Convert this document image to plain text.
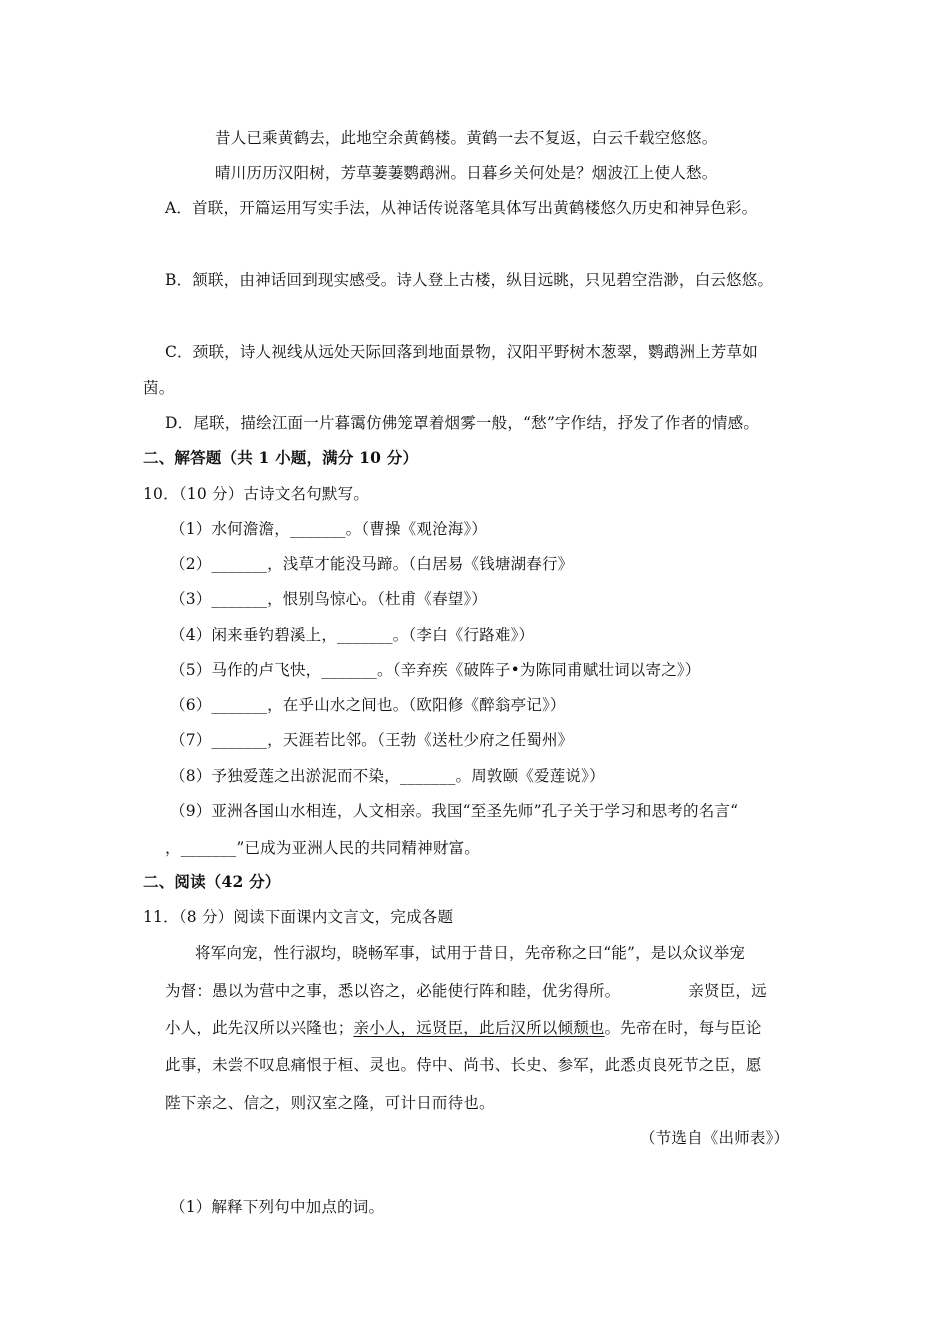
昔人已乘黄鹤去，此地空余黄鹤楼。黄鹤一去不复返，白云千载空悠悠。
晴川历历汉阳树，芳草萋萋鹦鹉洲。日暮乡关何处是？烟波江上使人愁。
A．首联，开篇运用写实手法，从神话传说落笔具体写出黄鹤楼悠久历史和神异色彩。
B．颔联，由神话回到现实感受。诗人登上古楼，纵目远眺，只见碧空浩渺，白云悠悠。
C．颈联，诗人视线从远处天际回落到地面景物，汉阳平野树木葱翠，鹦鹉洲上芳草如
茵。
D．尾联，描绘江面一片暮霭仿佛笼罩着烟雾一般，“愁”字作结，抒发了作者的情感。
二、解答题（共 1 小题，满分 10 分）
10．（10 分）古诗文名句默写。
（1）水何澹澹，_______。（曹操《观沧海》）
（2）_______，浅草才能没马蹄。（白居易《钱塘湖春行》
（3）_______，恨别鸟惊心。（杜甫《春望》）
（4）闲来垂钓碧溪上，_______。（李白《行路难》）
（5）马作的卢飞快，_______。（辛弃疾《破阵子•为陈同甫赋壮词以寄之》）
（6）_______，在乎山水之间也。（欧阳修《醉翁亭记》）
（7）_______，天涯若比邻。（王勃《送杜少府之任蜀州》
（8）予独爱莲之出淤泥而不染，_______。周敦颐《爱莲说》）
（9）亚洲各国山水相连，人文相亲。我国“至圣先师”孔子关于学习和思考的名言“
，_______”已成为亚洲人民的共同精神财富。
二、阅读（42 分）
11．（8 分）阅读下面课内文言文，完成各题
将军向宠，性行淑均，晓畅军事，试用于昔日，先帝称之曰“能”，是以众议举宠
为督：愚以为营中之事，悉以咨之，必能使行阵和睦，优劣得所。	亲贤臣，远
小人，此先汉所以兴隆也；亲小人，远贤臣，此后汉所以倾颓也。先帝在时，每与臣论
此事，未尝不叹息痛恨于桓、灵也。侍中、尚书、长史、参军，此悉贞良死节之臣，愿
陛下亲之、信之，则汉室之隆，可计日而待也。
（节选自《出师表》）
（1）解释下列句中加点的词。
